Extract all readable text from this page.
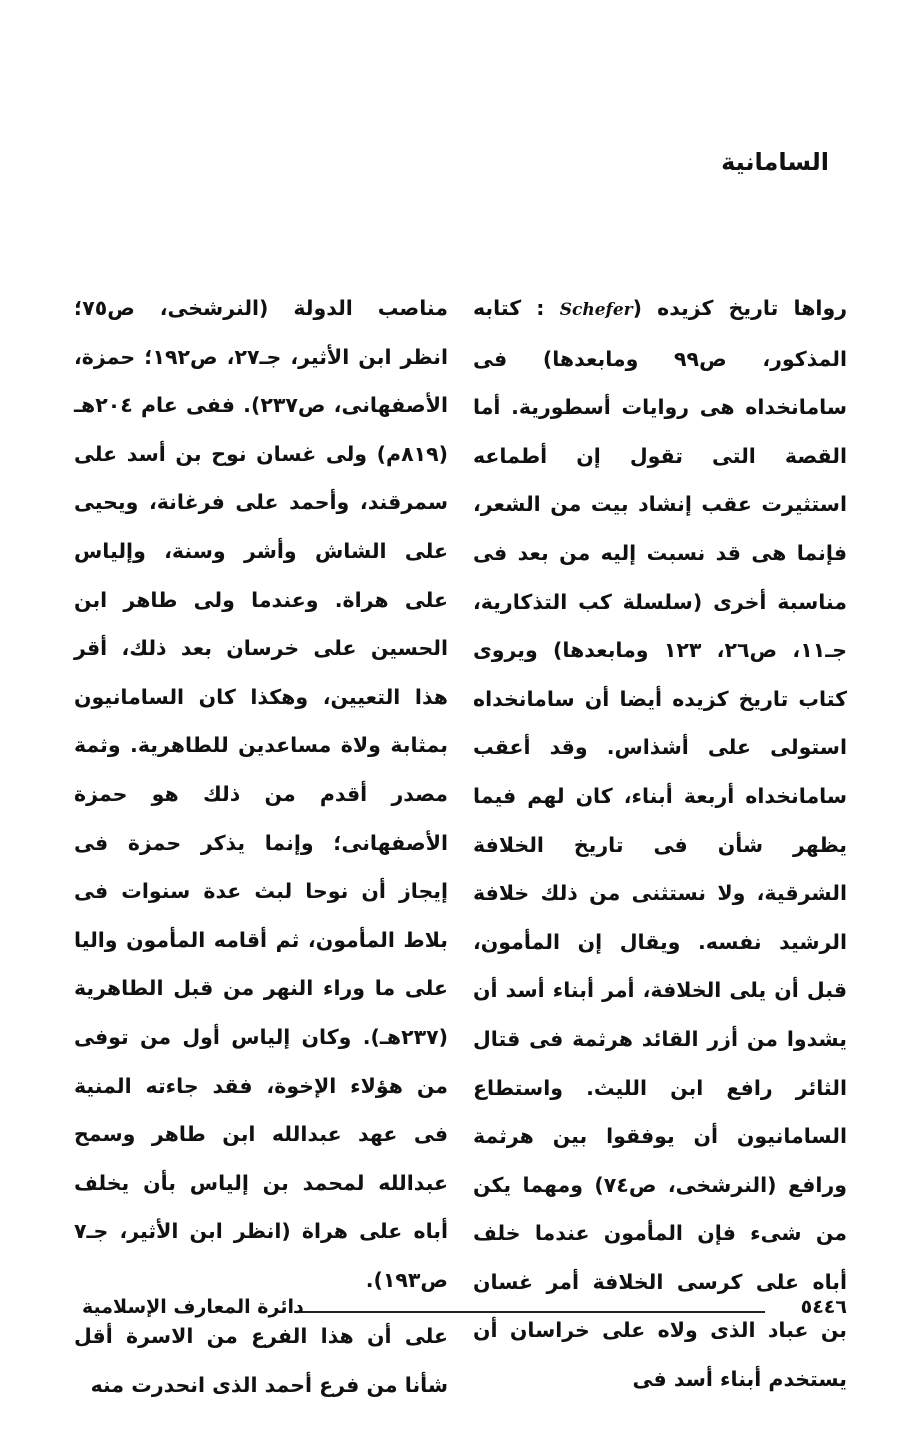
السامانية

رواها تاريخ كزيده (Schefer : كتابه المذكور، ص٩٩ ومابعدها) فى سامانخداه هى روايات أسطورية. أما القصة التى تقول إن أطماعه استثيرت عقب إنشاد بيت من الشعر، فإنما هى قد نسبت إليه من بعد فى مناسبة أخرى (سلسلة كب التذكارية، جـ١١، ص٢٦، ١٢٣ ومابعدها) ويروى كتاب تاريخ كزيده أيضا أن سامانخداه استولى على أشذاس. وقد أعقب سامانخداه أربعة أبناء، كان لهم فيما يظهر شأن فى تاريخ الخلافة الشرقية، ولا نستثنى من ذلك خلافة الرشيد نفسه. ويقال إن المأمون، قبل أن يلى الخلافة، أمر أبناء أسد أن يشدوا من أزر القائد هرثمة فى قتال الثائر رافع ابن الليث. واستطاع السامانيون أن يوفقوا بين هرثمة ورافع (النرشخى، ص٧٤) ومهما يكن من شىء فإن المأمون عندما خلف أباه على كرسى الخلافة أمر غسان بن عباد الذى ولاه على خراسان أن يستخدم أبناء أسد فى

مناصب الدولة (النرشخى، ص٧٥؛ انظر ابن الأثير، جـ٢٧، ص١٩٢؛ حمزة، الأصفهانى، ص٢٣٧). ففى عام ٢٠٤هـ (٨١٩م) ولى غسان نوح بن أسد على سمرقند، وأحمد على فرغانة، ويحيى على الشاش وأشر وسنة، وإلياس على هراة. وعندما ولى طاهر ابن الحسين على خرسان بعد ذلك، أقر هذا التعيين، وهكذا كان السامانيون بمثابة ولاة مساعدين للطاهرية. وثمة مصدر أقدم من ذلك هو حمزة الأصفهانى؛ وإنما يذكر حمزة فى إيجاز أن نوحا لبث عدة سنوات فى بلاط المأمون، ثم أقامه المأمون واليا على ما وراء النهر من قبل الطاهرية (٢٣٧هـ). وكان إلياس أول من توفى من هؤلاء الإخوة، فقد جاءته المنية فى عهد عبدالله ابن طاهر وسمح عبدالله لمحمد بن إلياس بأن يخلف أباه على هراة (انظر ابن الأثير، جـ٧ ص١٩٣).

على أن هذا الفرع من الاسرة أقل شأنا من فرع أحمد الذى انحدرت منه

٥٤٤٦
دائرة المعارف الإسلامية
